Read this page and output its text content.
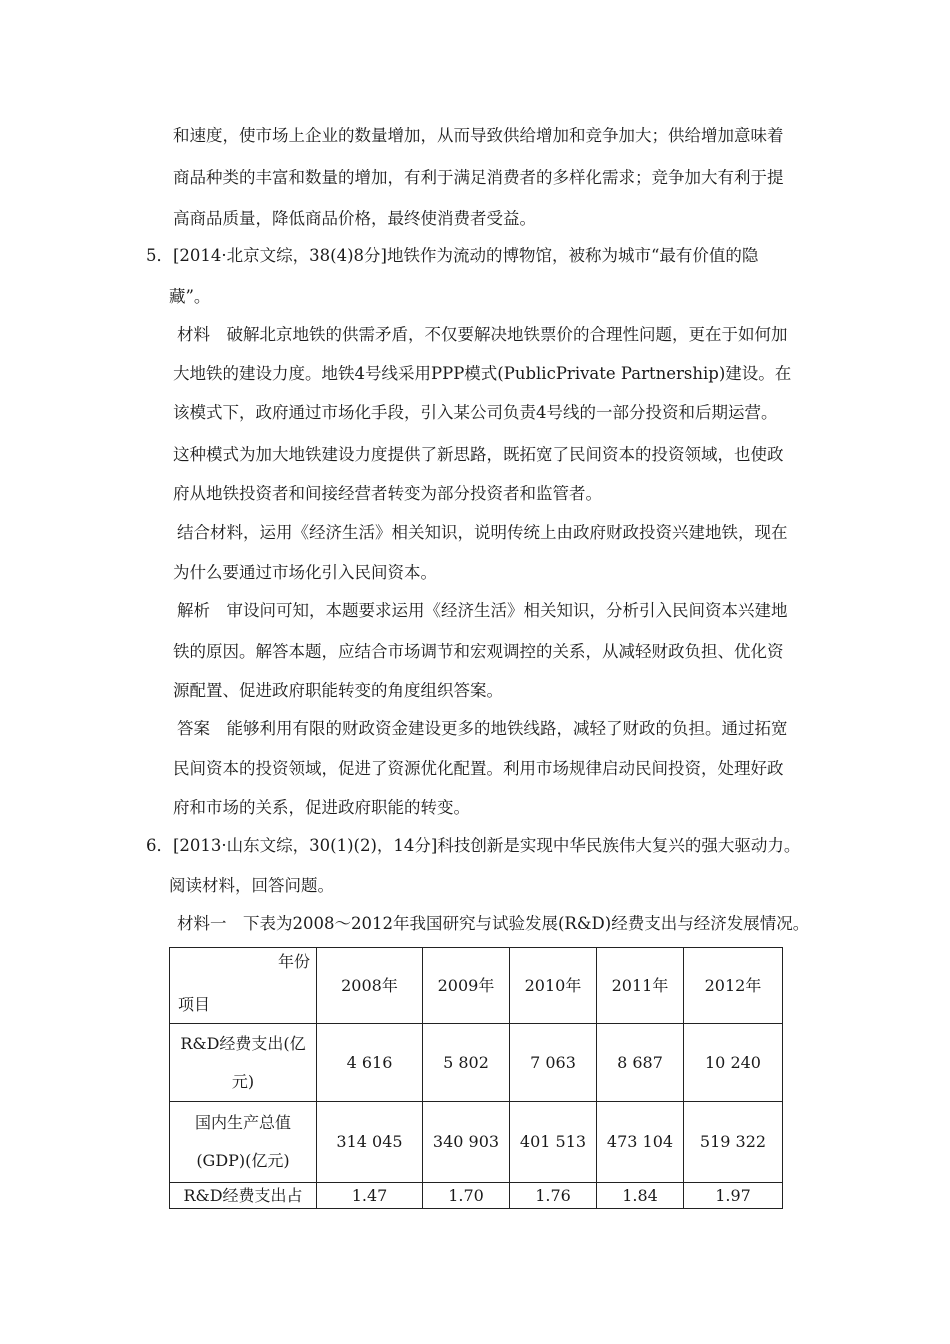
和速度，使市场上企业的数量增加，从而导致供给增加和竞争加大；供给增加意味着
商品种类的丰富和数量的增加，有利于满足消费者的多样化需求；竞争加大有利于提
高商品质量，降低商品价格，最终使消费者受益。
5．[2014·北京文综，38(4)8分]地铁作为流动的博物馆，被称为城市“最有价值的隐
藏”。
材料　破解北京地铁的供需矛盾，不仅要解决地铁票价的合理性问题，更在于如何加
大地铁的建设力度。地铁4号线采用PPP模式(PublicPrivate Partnership)建设。在
该模式下，政府通过市场化手段，引入某公司负责4号线的一部分投资和后期运营。
这种模式为加大地铁建设力度提供了新思路，既拓宽了民间资本的投资领域，也使政
府从地铁投资者和间接经营者转变为部分投资者和监管者。
结合材料，运用《经济生活》相关知识，说明传统上由政府财政投资兴建地铁，现在
为什么要通过市场化引入民间资本。
解析　审设问可知，本题要求运用《经济生活》相关知识，分析引入民间资本兴建地
铁的原因。解答本题，应结合市场调节和宏观调控的关系，从减轻财政负担、优化资
源配置、促进政府职能转变的角度组织答案。
答案　能够利用有限的财政资金建设更多的地铁线路，减轻了财政的负担。通过拓宽
民间资本的投资领域，促进了资源优化配置。利用市场规律启动民间投资，处理好政
府和市场的关系，促进政府职能的转变。
6．[2013·山东文综，30(1)(2)，14分]科技创新是实现中华民族伟大复兴的强大驱动力。
阅读材料，回答问题。
材料一　下表为2008～2012年我国研究与试验发展(R&D)经费支出与经济发展情况。
年份
项目	2008年	2009年	2010年	2011年	2012年

R&D经费支出(亿
元)	4 616	5 802	7 063	8 687	10 240

国内生产总值
(GDP)(亿元)	314 045	340 903	401 513	473 104	519 322
R&D经费支出占	1.47	1.70	1.76	1.84	1.97
